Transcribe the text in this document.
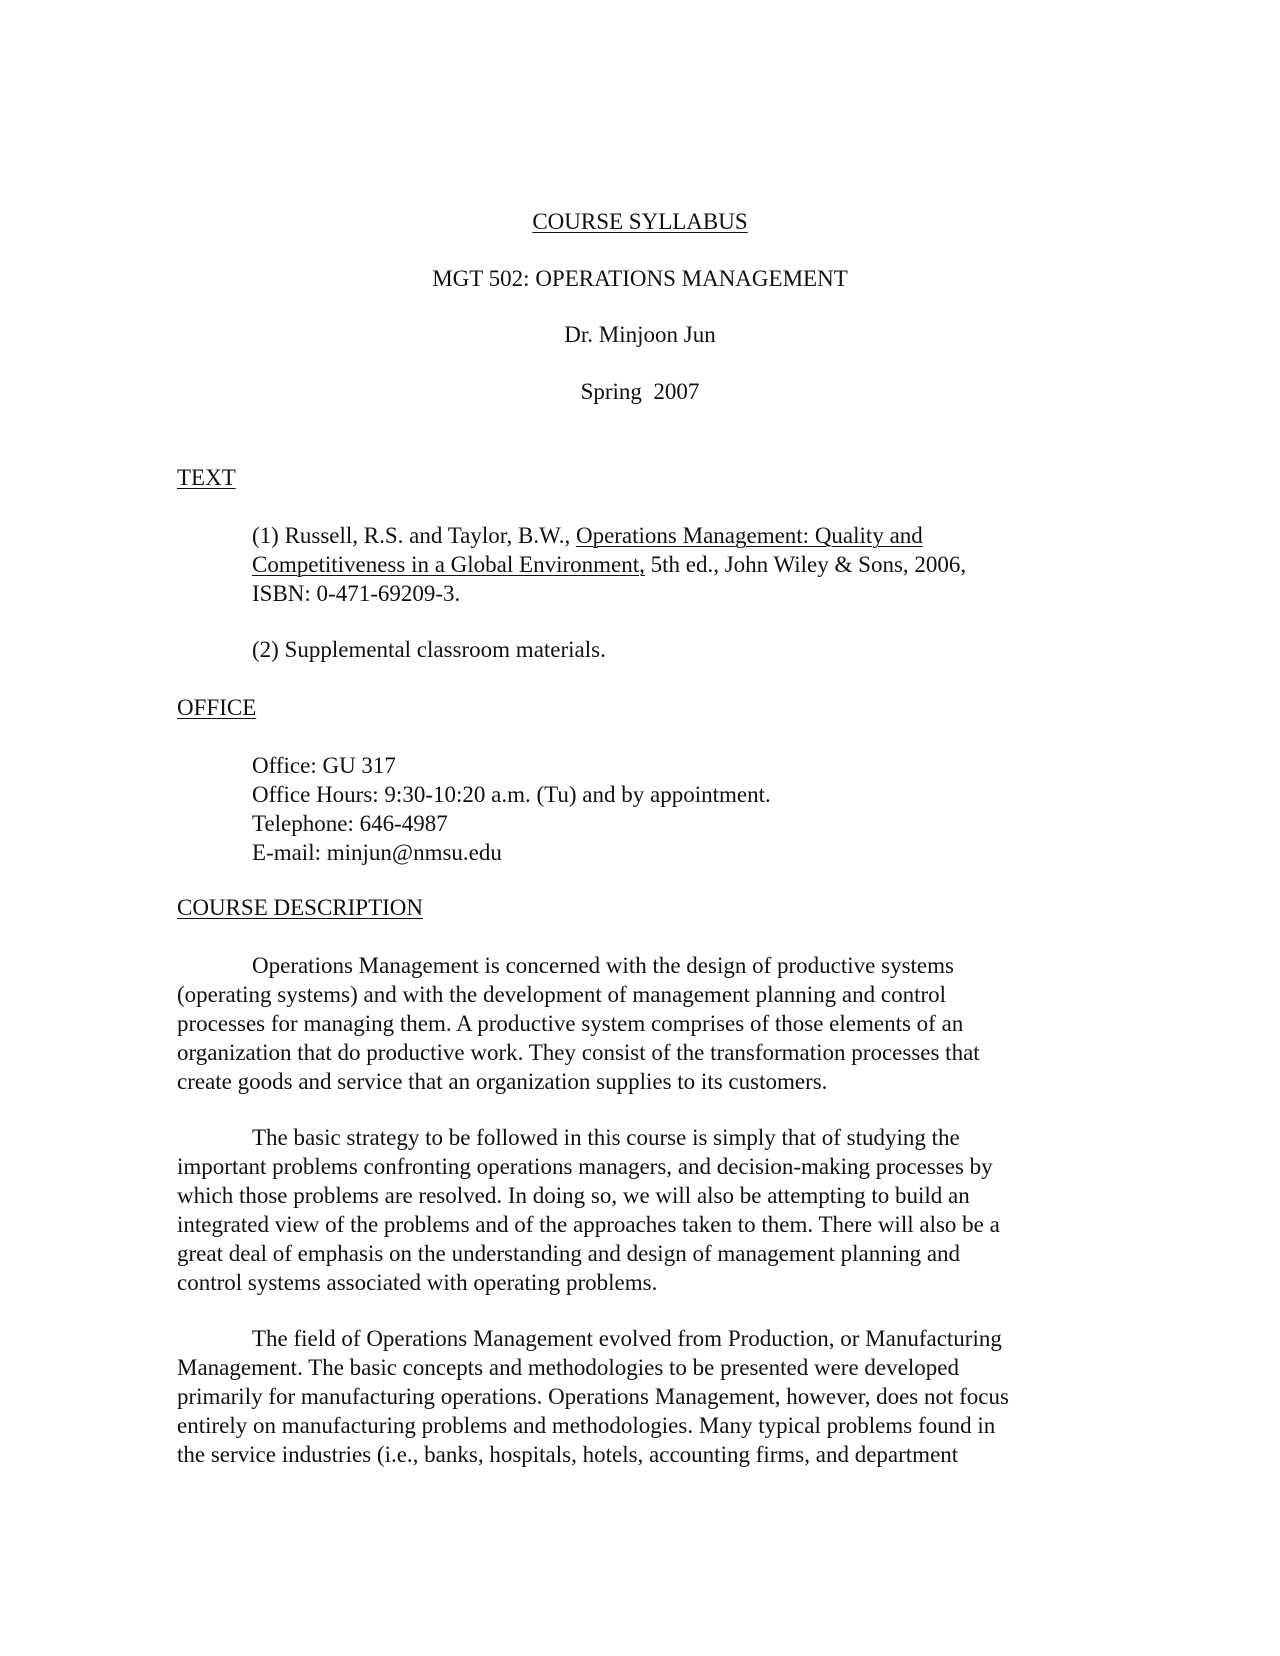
COURSE SYLLABUS
MGT 502: OPERATIONS MANAGEMENT
Dr. Minjoon Jun
Spring  2007
TEXT
(1) Russell, R.S. and Taylor, B.W., Operations Management: Quality and
Competitiveness in a Global Environment, 5th ed., John Wiley & Sons, 2006,
ISBN: 0-471-69209-3.
(2) Supplemental classroom materials.
OFFICE
Office: GU 317
Office Hours: 9:30-10:20 a.m. (Tu) and by appointment.
Telephone: 646-4987
E-mail: minjun@nmsu.edu
COURSE DESCRIPTION
Operations Management is concerned with the design of productive systems
(operating systems) and with the development of management planning and control
processes for managing them. A productive system comprises of those elements of an
organization that do productive work. They consist of the transformation processes that
create goods and service that an organization supplies to its customers.
The basic strategy to be followed in this course is simply that of studying the
important problems confronting operations managers, and decision-making processes by
which those problems are resolved. In doing so, we will also be attempting to build an
integrated view of the problems and of the approaches taken to them. There will also be a
great deal of emphasis on the understanding and design of management planning and
control systems associated with operating problems.
The field of Operations Management evolved from Production, or Manufacturing
Management. The basic concepts and methodologies to be presented were developed
primarily for manufacturing operations. Operations Management, however, does not focus
entirely on manufacturing problems and methodologies. Many typical problems found in
the service industries (i.e., banks, hospitals, hotels, accounting firms, and department
